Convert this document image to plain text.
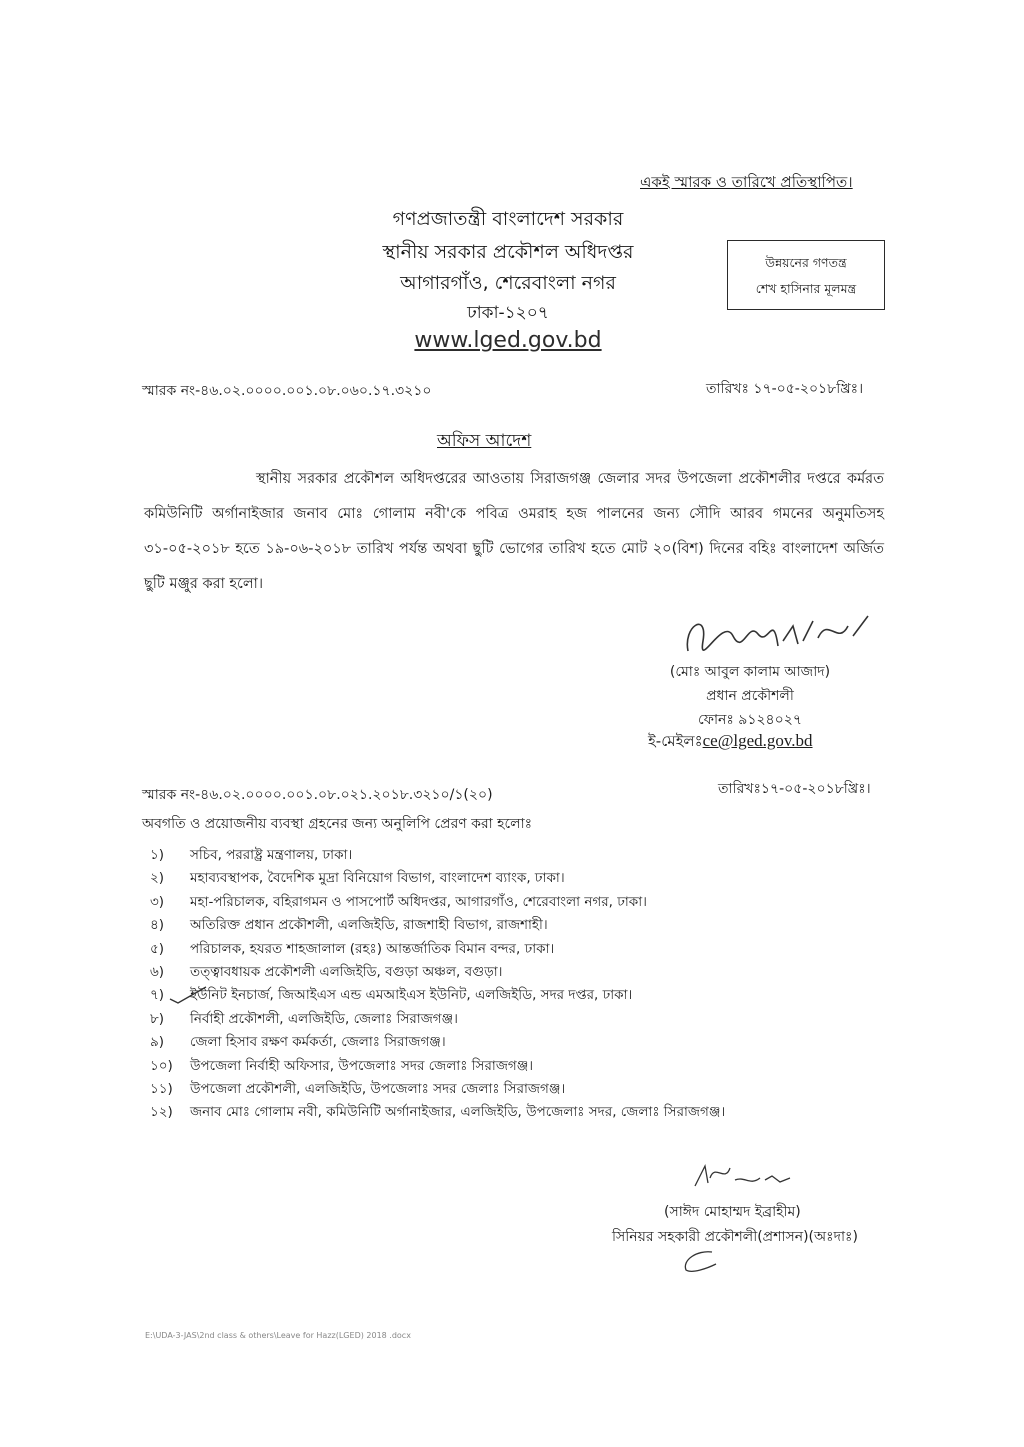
একই স্মারক ও তারিখে প্রতিস্থাপিত।
গণপ্রজাতন্ত্রী বাংলাদেশ সরকার
স্থানীয় সরকার প্রকৌশল অধিদপ্তর
আগারগাঁও, শেরেবাংলা নগর
ঢাকা-১২০৭
www.lged.gov.bd
উন্নয়নের গণতন্ত্র
শেখ হাসিনার মূলমন্ত্র
স্মারক নং-৪৬.০২.০০০০.০০১.০৮.০৬০.১৭.৩২১০	তারিখঃ ১৭-০৫-২০১৮খ্রিঃ।
অফিস আদেশ
স্থানীয় সরকার প্রকৌশল অধিদপ্তরের আওতায় সিরাজগঞ্জ জেলার সদর উপজেলা প্রকৌশলীর দপ্তরে কর্মরত কমিউনিটি অর্গানাইজার জনাব মোঃ গোলাম নবী'কে পবিত্র ওমরাহ হজ পালনের জন্য সৌদি আরব গমনের অনুমতিসহ ৩১-০৫-২০১৮ হতে ১৯-০৬-২০১৮ তারিখ পর্যন্ত অথবা ছুটি ভোগের তারিখ হতে মোট ২০(বিশ) দিনের বহিঃ বাংলাদেশ অর্জিত ছুটি মঞ্জুর করা হলো।
(মোঃ আবুল কালাম আজাদ)
প্রধান প্রকৌশলী
ফোনঃ ৯১২৪০২৭
ই-মেইলঃce@lged.gov.bd
স্মারক নং-৪৬.০২.০০০০.০০১.০৮.০২১.২০১৮.৩২১০/১(২০)	তারিখঃ১৭-০৫-২০১৮খ্রিঃ।
অবগতি ও প্রয়োজনীয় ব্যবস্থা গ্রহনের জন্য অনুলিপি প্রেরণ করা হলোঃ
১)	সচিব, পররাষ্ট্র মন্ত্রণালয়, ঢাকা।
২)	মহাব্যবস্থাপক, বৈদেশিক মুদ্রা বিনিয়োগ বিভাগ, বাংলাদেশ ব্যাংক, ঢাকা।
৩)	মহা-পরিচালক, বহিরাগমন ও পাসপোর্ট অধিদপ্তর, আগারগাঁও, শেরেবাংলা নগর, ঢাকা।
৪)	অতিরিক্ত প্রধান প্রকৌশলী, এলজিইডি, রাজশাহী বিভাগ, রাজশাহী।
৫)	পরিচালক, হযরত শাহজালাল (রহঃ) আন্তর্জাতিক বিমান বন্দর, ঢাকা।
৬)	তত্ত্বাবধায়ক প্রকৌশলী এলজিইডি, বগুড়া অঞ্চল, বগুড়া।
৭)	ইউনিট ইনচার্জ, জিআইএস এন্ড এমআইএস ইউনিট, এলজিইডি, সদর দপ্তর, ঢাকা।
৮)	নির্বাহী প্রকৌশলী, এলজিইডি, জেলাঃ সিরাজগঞ্জ।
৯)	জেলা হিসাব রক্ষণ কর্মকর্তা, জেলাঃ সিরাজগঞ্জ।
১০)	উপজেলা নির্বাহী অফিসার, উপজেলাঃ সদর জেলাঃ সিরাজগঞ্জ।
১১)	উপজেলা প্রকৌশলী, এলজিইডি, উপজেলাঃ সদর জেলাঃ সিরাজগঞ্জ।
১২)	জনাব মোঃ গোলাম নবী, কমিউনিটি অর্গানাইজার, এলজিইডি, উপজেলাঃ সদর, জেলাঃ সিরাজগঞ্জ।
(সাঈদ মোহাম্মদ ইব্রাহীম)
সিনিয়র সহকারী প্রকৌশলী(প্রশাসন)(অঃদাঃ)
E:\UDA-3-JAS\2nd class & others\Leave for Hazz(LGED) 2018 .docx
